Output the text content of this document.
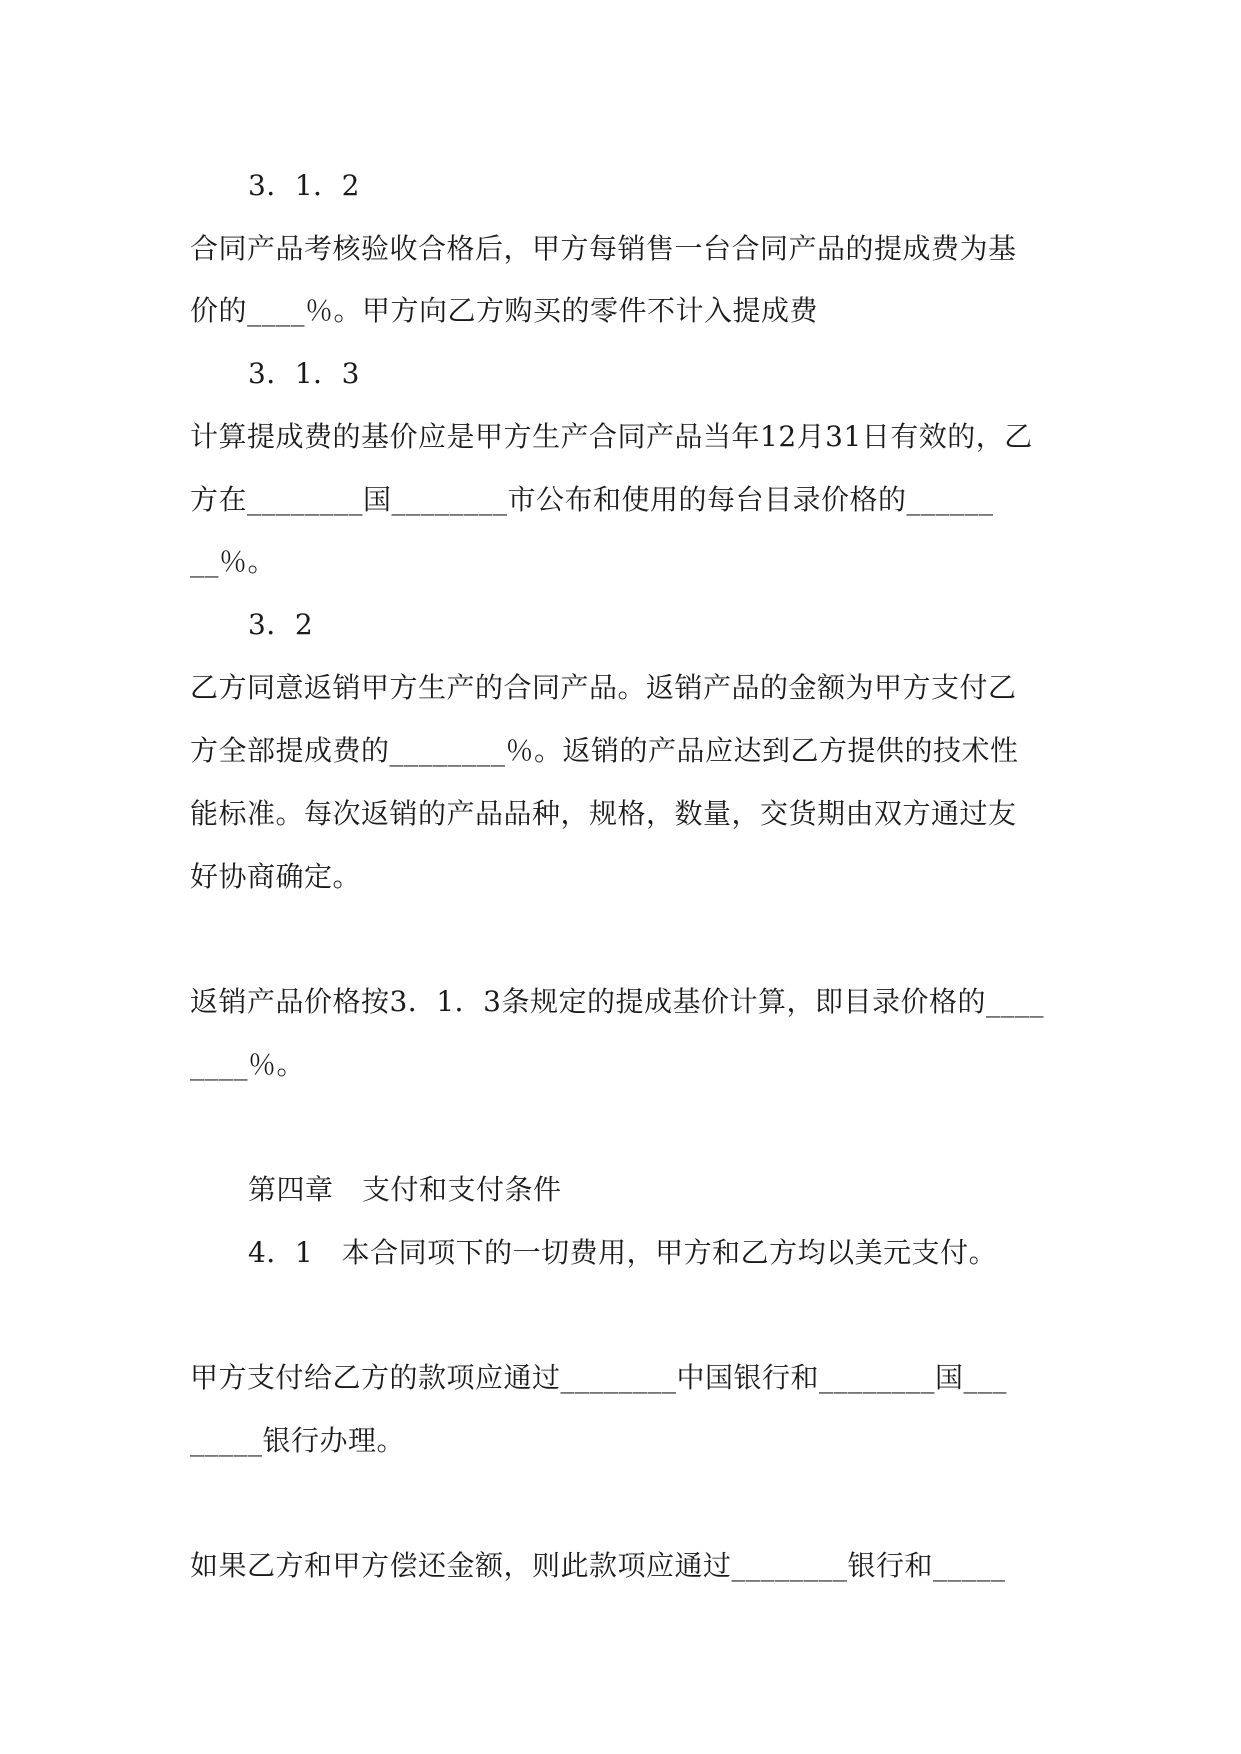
3．1．2
合同产品考核验收合格后，甲方每销售一台合同产品的提成费为基
价的____％。甲方向乙方购买的零件不计入提成费
3．1．3
计算提成费的基价应是甲方生产合同产品当年12月31日有效的，乙
方在________国________市公布和使用的每台目录价格的______
__％。
3．2
乙方同意返销甲方生产的合同产品。返销产品的金额为甲方支付乙
方全部提成费的________％。返销的产品应达到乙方提供的技术性
能标准。每次返销的产品品种，规格，数量，交货期由双方通过友
好协商确定。
返销产品价格按3．1．3条规定的提成基价计算，即目录价格的____
____％。
第四章　支付和支付条件
4．1　本合同项下的一切费用，甲方和乙方均以美元支付。
甲方支付给乙方的款项应通过________中国银行和________国___
_____银行办理。
如果乙方和甲方偿还金额，则此款项应通过________银行和_____
